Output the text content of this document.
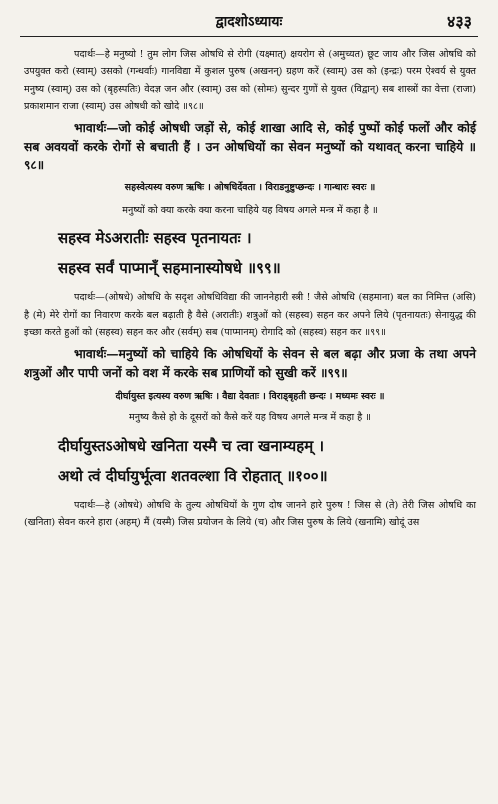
द्वादशोऽध्यायः	४३३
पदार्थः—हे मनुष्यो ! तुम लोग जिस ओषधि से रोगी (यक्ष्मात्) क्षयरोग से (अमुच्यत) छूट जाय और जिस ओषधि को उपयुक्त करो (स्वाम्) उसको (गन्धर्वाः) गानविद्या में कुशल पुरुष (अखनन्) ग्रहण करें (स्वाम्) उस को (इन्द्रः) परम ऐश्वर्य से युक्त मनुष्य (स्वाम्) उस को (बृहस्पतिः) वेदज्ञ जन और (स्वाम्) उस को (सोमः) सुन्दर गुणों से युक्त (विद्वान्) सब शास्त्रों का वेत्ता (राजा) प्रकाशमान राजा (स्वाम्) उस ओषधी को खोदे ॥९८॥
भावार्थः—जो कोई ओषधी जड़ों से, कोई शाखा आदि से, कोई पुष्पों कोई फलों और कोई सब अवयवों करके रोगों से बचाती हैं । उन ओषधियों का सेवन मनुष्यों को यथावत् करना चाहिये ॥९८॥
सहस्वेत्यस्य वरुण ऋषिः । ओषधिर्देवता । विराडनुष्टुप्छन्दः । गान्धारः स्वरः ॥
मनुष्यों को क्या करके क्या करना चाहिये यह विषय अगले मन्त्र में कहा है ॥
सहस्व मेऽअरातीः सहस्व पृतनायतः ।
सहस्व सर्वं पाप्मान्ँ सहमानास्योषधे ॥९९॥
पदार्थः—(ओषधे) ओषधि के सदृश ओषधिविद्या की जाननेहारी स्त्री ! जैसे ओषधि (सहमाना) बल का निमित्त (असि) है (मे) मेरे रोगों का निवारण करके बल बढ़ाती है वैसे (अरातीः) शत्रुओं को (सहस्व) सहन कर अपने लिये (पृतनायतः) सेनायुद्ध की इच्छा करते हुओं को (सहस्व) सहन कर और (सर्वम्) सब (पाप्मानम्) रोगादि को (सहस्व) सहन कर ॥९९॥
भावार्थः—मनुष्यों को चाहिये कि ओषधियों के सेवन से बल बढ़ा और प्रजा के तथा अपने शत्रुओं और पापी जनों को वश में करके सब प्राणियों को सुखी करें ॥९९॥
दीर्घायुस्त इत्यस्य वरुण ऋषिः । वैद्या देवताः । विराड्बृहती छन्दः । मध्यमः स्वरः ॥
मनुष्य कैसे हो के दूसरों को कैसे करें यह विषय अगले मन्त्र में कहा है ॥
दीर्घायुस्तऽओषधे खनिता यस्मै च त्वा खनाम्यहम् ।
अथो त्वं दीर्घायुर्भूत्वा शतवल्शा वि रोहतात् ॥१००॥
पदार्थः—हे (ओषधे) ओषधि के तुल्य ओषधियों के गुण दोष जानने हारे पुरुष ! जिस से (ते) तेरी जिस ओषधि का (खनिता) सेवन करने हारा (अहम्) मैं (यस्मै) जिस प्रयोजन के लिये (च) और जिस पुरुष के लिये (खनामि) खोदूं उस
